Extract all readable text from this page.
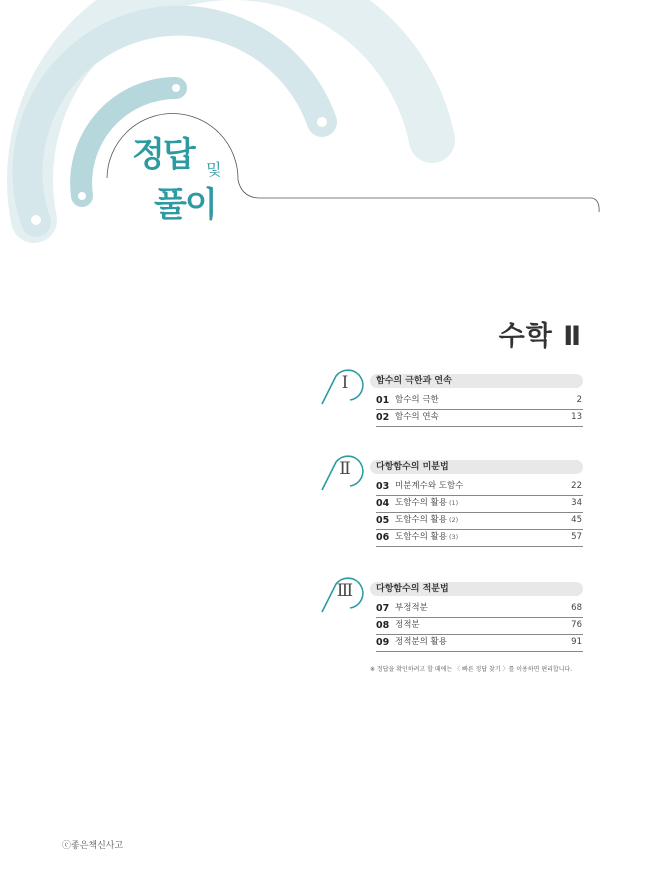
정답 및
풀이
수학 Ⅱ
Ⅰ	함수의 극한과 연속
01 함수의 극한	2
02 함수의 연속	13
Ⅱ	다항함수의 미분법
03 미분계수와 도함수	22
04 도함수의 활용 (1)	34
05 도함수의 활용 (2)	45
06 도함수의 활용 (3)	57
Ⅲ	다항함수의 적분법
07 부정적분	68
08 정적분	76
09 정적분의 활용	91
※ 정답을 확인하려고 할 때에는 〈 빠른 정답 찾기 〉를 이용하면 편리합니다.
ⓒ좋은책신사고
